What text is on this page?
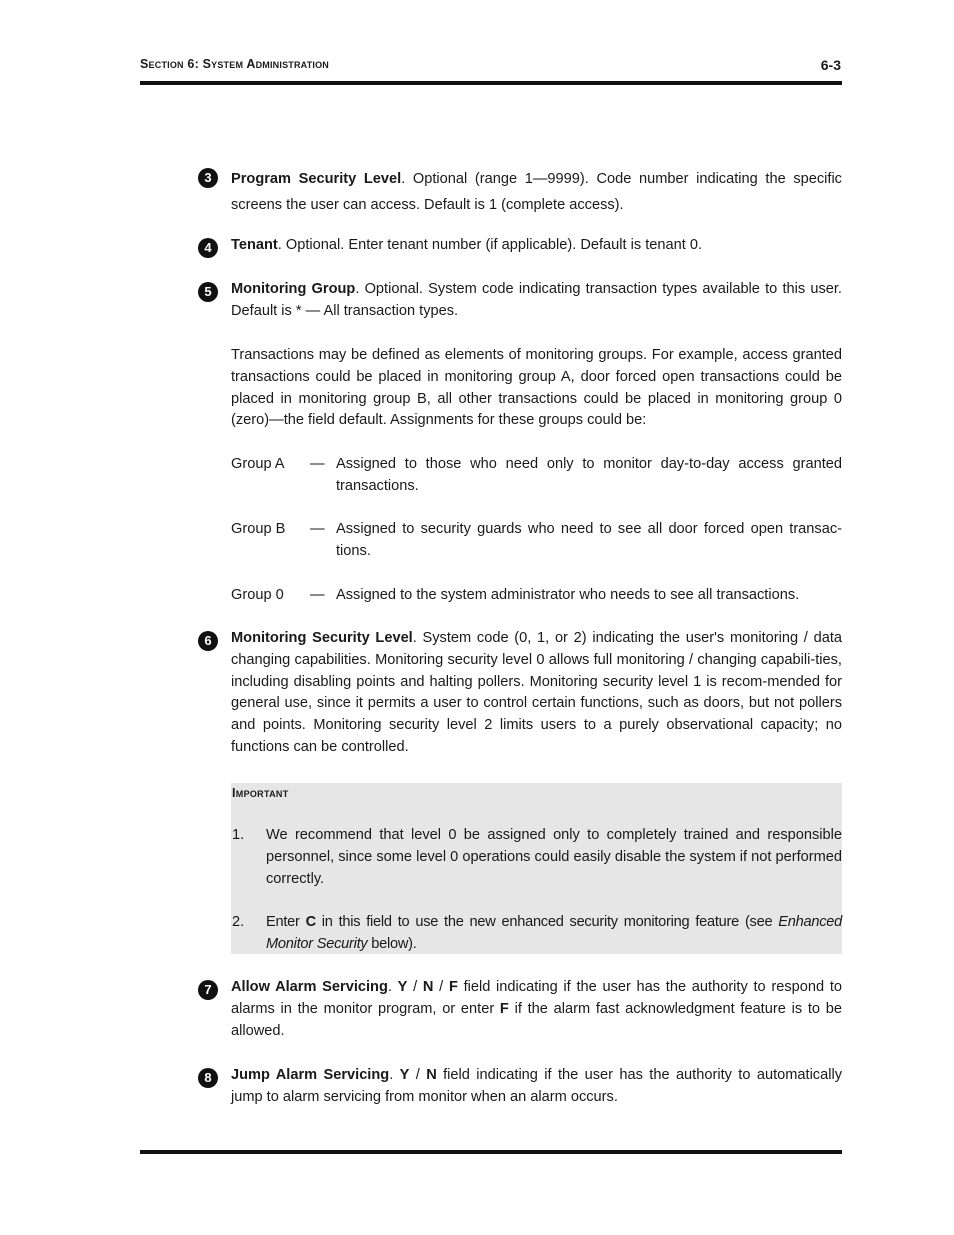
Section 6: System Administration	6-3
3	Program Security Level. Optional (range 1—9999). Code number indicating the specific screens the user can access. Default is 1 (complete access).
4	Tenant. Optional. Enter tenant number (if applicable). Default is tenant 0.
5	Monitoring Group. Optional. System code indicating transaction types available to this user. Default is * — All transaction types.
Transactions may be defined as elements of monitoring groups. For example, access granted transactions could be placed in monitoring group A, door forced open transactions could be placed in monitoring group B, all other transactions could be placed in monitoring group 0 (zero)—the field default. Assignments for these groups could be:
Group A — Assigned to those who need only to monitor day-to-day access granted transactions.
Group B — Assigned to security guards who need to see all door forced open transac-tions.
Group 0 — Assigned to the system administrator who needs to see all transactions.
6	Monitoring Security Level. System code (0, 1, or 2) indicating the user's monitoring / data changing capabilities. Monitoring security level 0 allows full monitoring / changing capabili-ties, including disabling points and halting pollers. Monitoring security level 1 is recom-mended for general use, since it permits a user to control certain functions, such as doors, but not pollers and points. Monitoring security level 2 limits users to a purely observational capacity; no functions can be controlled.
Important
1. We recommend that level 0 be assigned only to completely trained and responsible personnel, since some level 0 operations could easily disable the system if not performed correctly.
2. Enter C in this field to use the new enhanced security monitoring feature (see Enhanced Monitor Security below).
7	Allow Alarm Servicing. Y / N / F field indicating if the user has the authority to respond to alarms in the monitor program, or enter F if the alarm fast acknowledgment feature is to be allowed.
8	Jump Alarm Servicing. Y / N field indicating if the user has the authority to automatically jump to alarm servicing from monitor when an alarm occurs.
